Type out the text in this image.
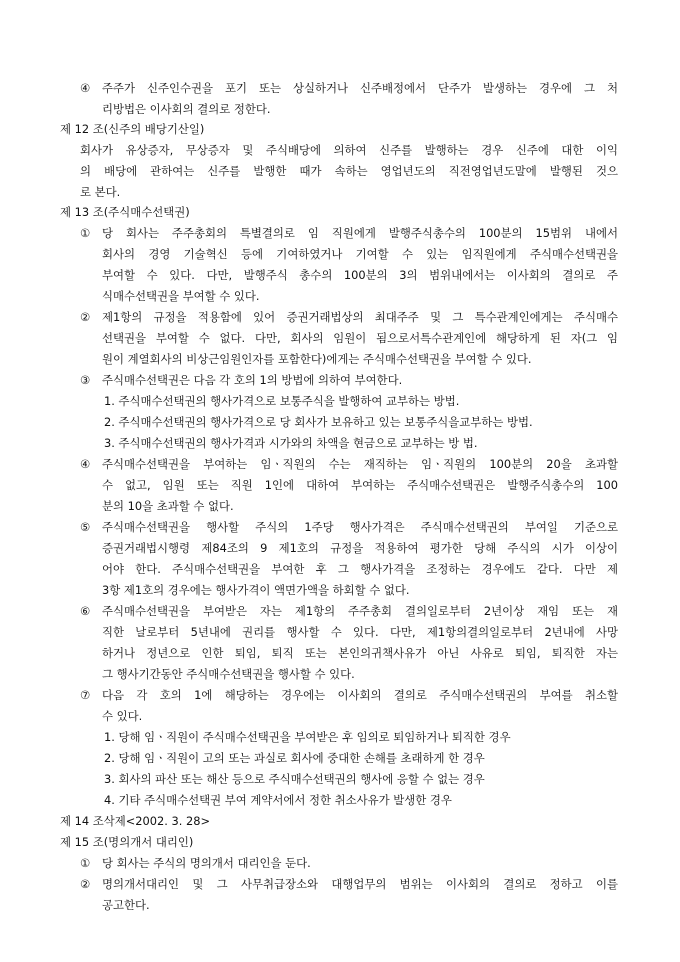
④ 주주가 신주인수권을 포기 또는 상실하거나 신주배정에서 단주가 발생하는 경우에 그 처
리방법은 이사회의 결의로 정한다.
제 12 조(신주의 배당기산일)
회사가 유상증자, 무상증자 및 주식배당에 의하여 신주를 발행하는 경우 신주에 대한 이익
의 배당에 관하여는 신주를 발행한 때가 속하는 영업년도의 직전영업년도말에 발행된 것으
로 본다.
제 13 조(주식매수선택권)
① 당 회사는 주주총회의 특별결의로 임 직원에게 발행주식총수의 100분의 15범위 내에서
회사의 경영 기술혁신 등에 기여하였거나 기여할 수 있는 임직원에게 주식매수선택권을
부여할 수 있다. 다만, 발행주식 총수의 100분의 3의 범위내에서는 이사회의 결의로 주
식매수선택권을 부여할 수 있다.
② 제1항의 규정을 적용함에 있어 증권거래법상의 최대주주 및 그 특수관계인에게는 주식매수
선택권을 부여할 수 없다. 다만, 회사의 임원이 됨으로서특수관계인에 해당하게 된 자(그 임
원이 계열회사의 비상근임원인자를 포함한다)에게는 주식매수선택권을 부여할 수 있다.
③ 주식매수선택권은 다음 각 호의 1의 방법에 의하여 부여한다.
1. 주식매수선택권의 행사가격으로 보통주식을 발행하여 교부하는 방법.
2. 주식매수선택권의 행사가격으로 당 회사가 보유하고 있는 보통주식을교부하는 방법.
3. 주식매수선택권의 행사가격과 시가와의 차액을 현금으로 교부하는 방 법.
④ 주식매수선택권을 부여하는 임ㆍ직원의 수는 재직하는 임ㆍ직원의 100분의 20을 초과할
수 없고, 임원 또는 직원 1인에 대하여 부여하는 주식매수선택권은 발행주식총수의 100
분의 10을 초과할 수 없다.
⑤ 주식매수선택권을 행사할 주식의 1주당 행사가격은 주식매수선택권의 부여일 기준으로
증권거래법시행령 제84조의 9 제1호의 규정을 적용하여 평가한 당해 주식의 시가 이상이
어야 한다. 주식매수선택권을 부여한 후 그 행사가격을 조정하는 경우에도 같다. 다만 제
3항 제1호의 경우에는 행사가격이 액면가액을 하회할 수 없다.
⑥ 주식매수선택권을 부여받은 자는 제1항의 주주총회 결의일로부터 2년이상 재임 또는 재
직한 날로부터 5년내에 권리를 행사할 수 있다. 다만, 제1항의결의일로부터 2년내에 사망
하거나 정년으로 인한 퇴임, 퇴직 또는 본인의귀책사유가 아닌 사유로 퇴임, 퇴직한 자는
그 행사기간동안 주식매수선택권을 행사할 수 있다.
⑦ 다음 각 호의 1에 해당하는 경우에는 이사회의 결의로 주식매수선택권의 부여를 취소할
수 있다.
1. 당해 임ㆍ직원이 주식매수선택권을 부여받은 후 임의로 퇴임하거나 퇴직한 경우
2. 당해 임ㆍ직원이 고의 또는 과실로 회사에 중대한 손해를 초래하게 한 경우
3. 회사의 파산 또는 해산 등으로 주식매수선택권의 행사에 응할 수 없는 경우
4. 기타 주식매수선택권 부여 계약서에서 정한 취소사유가 발생한 경우
제 14 조삭제<2002. 3. 28>
제 15 조(명의개서 대리인)
① 당 회사는 주식의 명의개서 대리인을 둔다.
② 명의개서대리인 및 그 사무취급장소와 대행업무의 범위는 이사회의 결의로 정하고 이를
공고한다.
